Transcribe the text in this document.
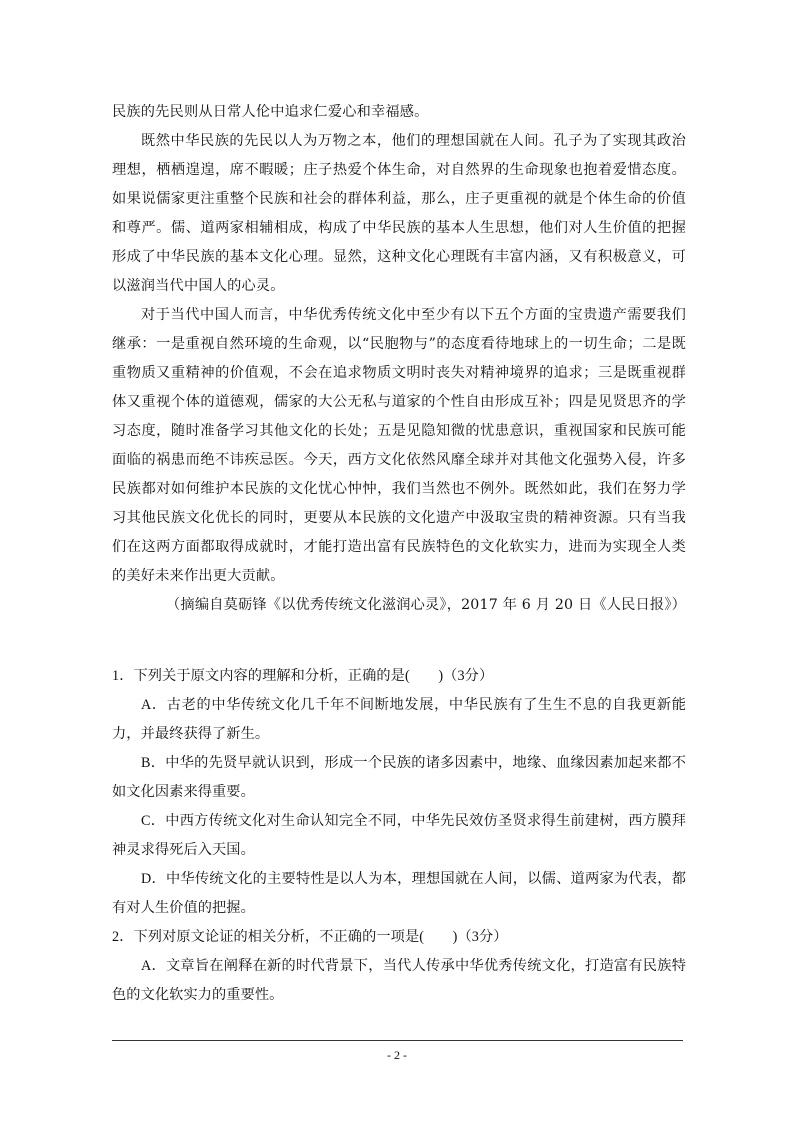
民族的先民则从日常人伦中追求仁爱心和幸福感。

既然中华民族的先民以人为万物之本，他们的理想国就在人间。孔子为了实现其政治理想，栖栖遑遑，席不暇暖；庄子热爱个体生命，对自然界的生命现象也抱着爱惜态度。如果说儒家更注重整个民族和社会的群体利益，那么，庄子更重视的就是个体生命的价值和尊严。儒、道两家相辅相成，构成了中华民族的基本人生思想，他们对人生价值的把握形成了中华民族的基本文化心理。显然，这种文化心理既有丰富内涵，又有积极意义，可以滋润当代中国人的心灵。

对于当代中国人而言，中华优秀传统文化中至少有以下五个方面的宝贵遗产需要我们继承：一是重视自然环境的生命观，以“民胞物与”的态度看待地球上的一切生命；二是既重物质又重精神的价值观，不会在追求物质文明时丧失对精神境界的追求；三是既重视群体又重视个体的道德观，儒家的大公无私与道家的个性自由形成互补；四是见贤思齐的学习态度，随时准备学习其他文化的长处；五是见隐知微的忧患意识，重视国家和民族可能面临的祸患而绝不讳疾忌医。今天，西方文化依然风靡全球并对其他文化强势入侵，许多民族都对如何维护本民族的文化忧心忡忡，我们当然也不例外。既然如此，我们在努力学习其他民族文化优长的同时，更要从本民族的文化遗产中汲取宝贵的精神资源。只有当我们在这两方面都取得成就时，才能打造出富有民族特色的文化软实力，进而为实现全人类的美好未来作出更大贡献。

（摘编自莫砺锋《以优秀传统文化滋润心灵》，2017 年 6 月 20 日《人民日报》）

1．下列关于原文内容的理解和分析，正确的是(　　)（3分）

A．古老的中华传统文化几千年不间断地发展，中华民族有了生生不息的自我更新能力，并最终获得了新生。

B．中华的先贤早就认识到，形成一个民族的诸多因素中，地缘、血缘因素加起来都不如文化因素来得重要。

C．中西方传统文化对生命认知完全不同，中华先民效仿圣贤求得生前建树，西方膜拜神灵求得死后入天国。

D．中华传统文化的主要特性是以人为本，理想国就在人间，以儒、道两家为代表，都有对人生价值的把握。

2．下列对原文论证的相关分析，不正确的一项是(　　)（3分）

A．文章旨在阐释在新的时代背景下，当代人传承中华优秀传统文化，打造富有民族特色的文化软实力的重要性。

- 2 -
